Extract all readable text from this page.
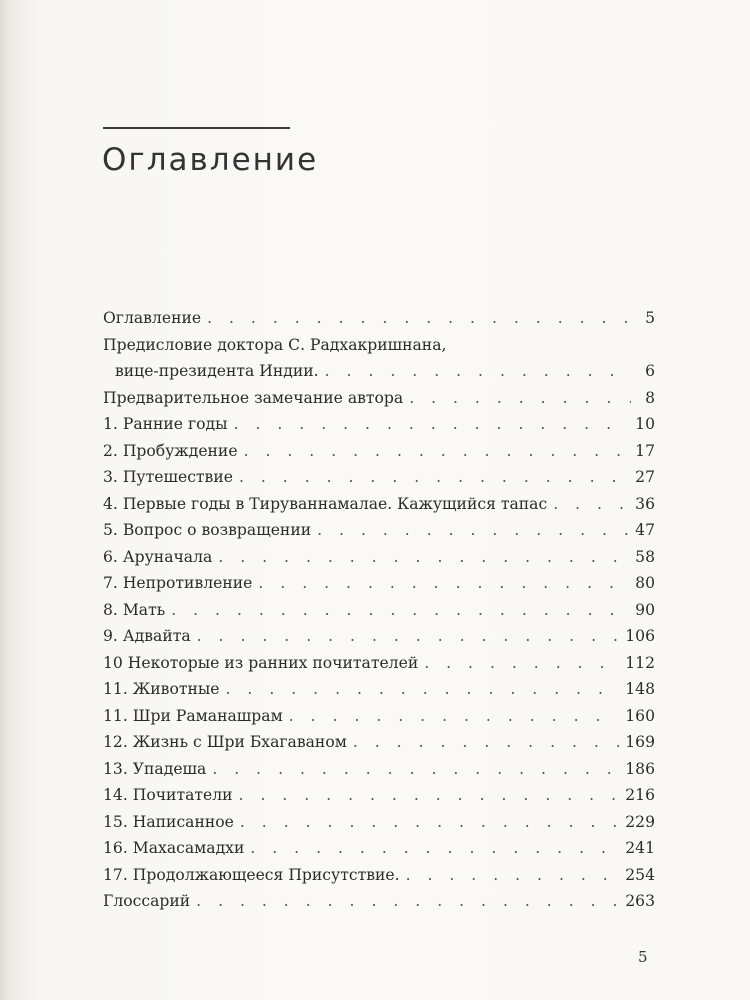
Оглавление
Оглавление . . .	5
Предисловие доктора С. Радхакришнана,
вице-президента Индии. . . .	6
Предварительное замечание автора . . .	8
1. Ранние годы . . .	10
2. Пробуждение . . .	17
3. Путешествие . . .	27
4. Первые годы в Тируваннамалае. Кажущийся тапас . . .	36
5. Вопрос о возвращении . . .	47
6. Аруначала . . .	58
7. Непротивление . . .	80
8. Мать . . .	90
9. Адвайта . . .	106
10 Некоторые из ранних почитателей . . .	112
11. Животные . . .	148
11. Шри Раманашрам . . .	160
12. Жизнь с Шри Бхагаваном . . .	169
13. Упадеша . . .	186
14. Почитатели . . .	216
15. Написанное . . .	229
16. Махасамадхи . . .	241
17. Продолжающееся Присутствие. . . .	254
Глоссарий . . .	263
5
